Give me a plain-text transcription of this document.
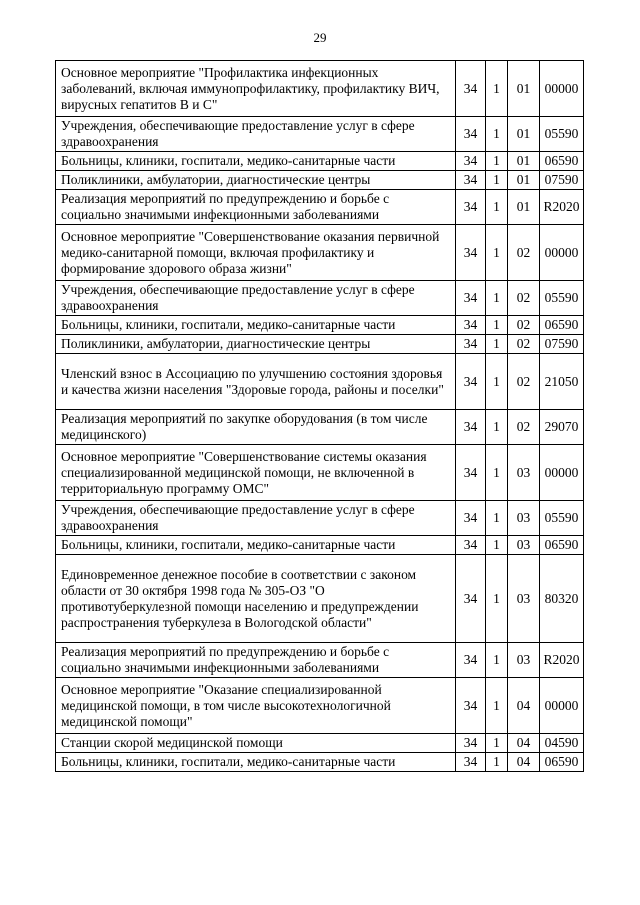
29
Основное мероприятие "Профилактика инфекционных заболеваний, включая иммунопрофилактику, профилактику ВИЧ, вирусных гепатитов В и С"	34	1	01	00000
Учреждения, обеспечивающие предоставление услуг в сфере здравоохранения	34	1	01	05590
Больницы, клиники, госпитали, медико-санитарные части	34	1	01	06590
Поликлиники, амбулатории, диагностические центры	34	1	01	07590
Реализация мероприятий по предупреждению и борьбе с социально значимыми инфекционными заболеваниями	34	1	01	R2020
Основное мероприятие "Совершенствование оказания первичной медико-санитарной помощи, включая профилактику и формирование здорового образа жизни"	34	1	02	00000
Учреждения, обеспечивающие предоставление услуг в сфере здравоохранения	34	1	02	05590
Больницы, клиники, госпитали, медико-санитарные части	34	1	02	06590
Поликлиники, амбулатории, диагностические центры	34	1	02	07590
Членский взнос в Ассоциацию по улучшению состояния здоровья и качества жизни населения "Здоровые города, районы и поселки"	34	1	02	21050
Реализация мероприятий по закупке оборудования (в том числе медицинского)	34	1	02	29070
Основное мероприятие "Совершенствование системы оказания специализированной медицинской помощи, не включенной в территориальную программу ОМС"	34	1	03	00000
Учреждения, обеспечивающие предоставление услуг в сфере здравоохранения	34	1	03	05590
Больницы, клиники, госпитали, медико-санитарные части	34	1	03	06590
Единовременное денежное пособие в соответствии с законом области от 30 октября 1998 года № 305-ОЗ "О противотуберкулезной помощи населению и предупреждении распространения туберкулеза в Вологодской области"	34	1	03	80320
Реализация мероприятий по предупреждению и борьбе с социально значимыми инфекционными заболеваниями	34	1	03	R2020
Основное мероприятие "Оказание специализированной медицинской помощи, в том числе высокотехнологичной медицинской помощи"	34	1	04	00000
Станции скорой медицинской помощи	34	1	04	04590
Больницы, клиники, госпитали, медико-санитарные части	34	1	04	06590
